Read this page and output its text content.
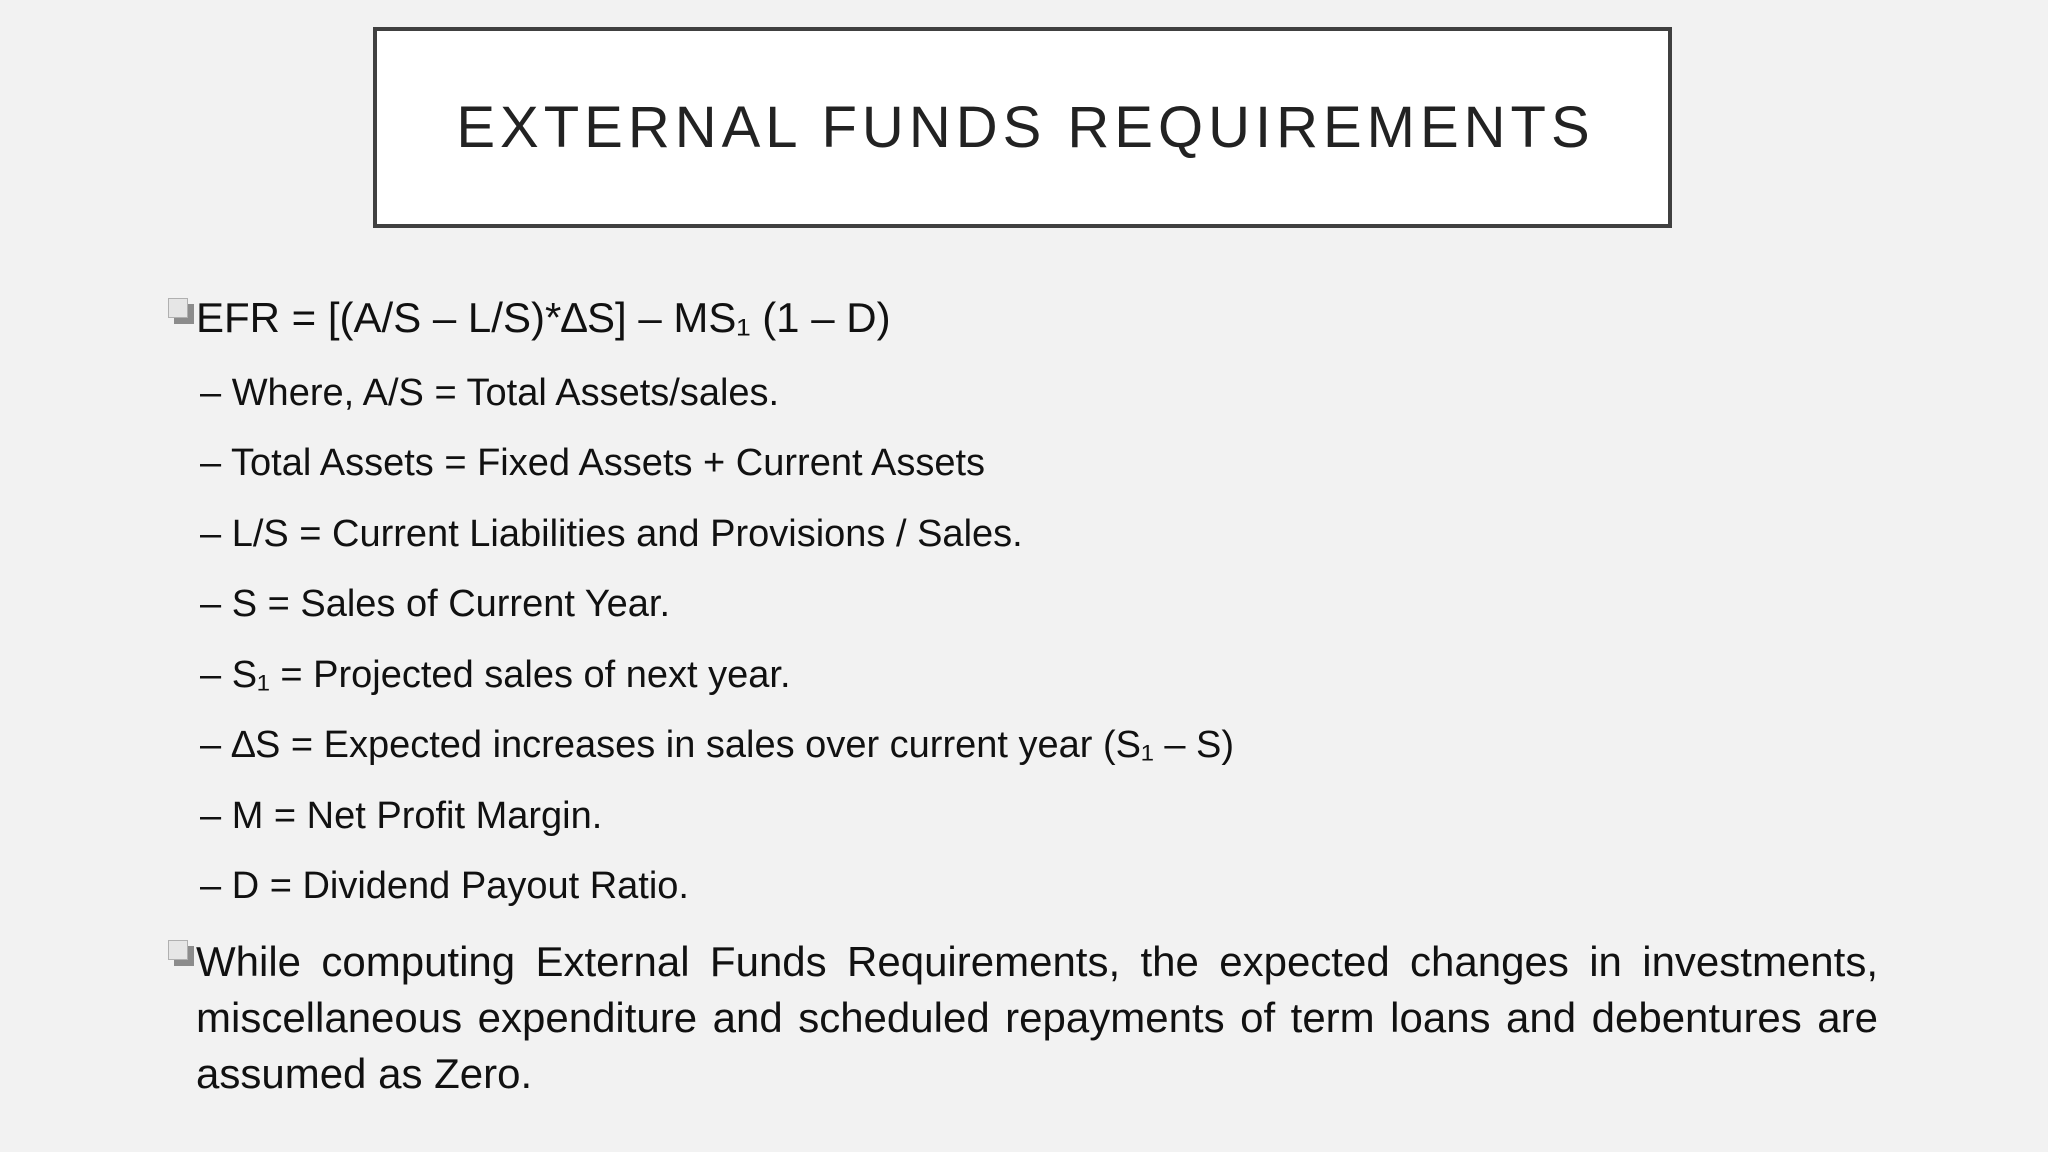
EXTERNAL FUNDS REQUIREMENTS
EFR = [(A/S – L/S)*∆S] – MS₁ (1 – D)
– Where, A/S = Total Assets/sales.
– Total Assets = Fixed Assets + Current Assets
– L/S = Current Liabilities and Provisions / Sales.
– S = Sales of Current Year.
– S₁ = Projected sales of next year.
– ∆S = Expected increases in sales over current year (S₁ – S)
– M = Net Profit Margin.
– D = Dividend Payout Ratio.
While computing External Funds Requirements, the expected changes in investments, miscellaneous expenditure and scheduled repayments of term loans and debentures are assumed as Zero.
